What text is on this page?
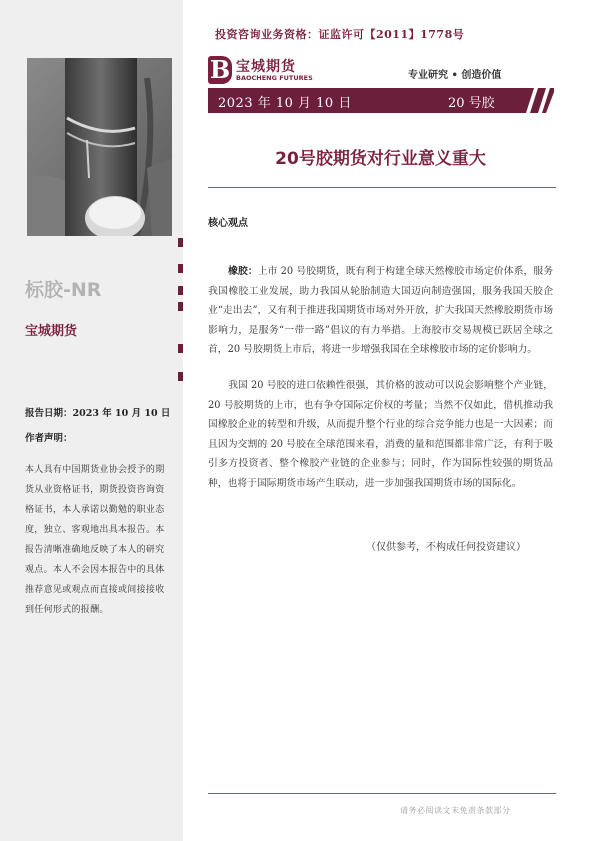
标胶-NR
宝城期货
报告日期：2023 年 10 月 10 日
作者声明：
本人具有中国期货业协会授予的期货从业资格证书，期货投资咨询资格证书，本人承诺以勤勉的职业态度，独立、客观地出具本报告。本报告清晰准确地反映了本人的研究观点。本人不会因本报告中的具体推荐意见或观点而直接或间接接收到任何形式的报酬。
投资咨询业务资格：证监许可【2011】1778号
B 宝城期货
BAOCHENG FUTURES	专业研究 • 创造价值
2023 年 10 月 10 日	20 号胶
20号胶期货对行业意义重大
核心观点

橡胶：上市 20 号胶期货，既有利于构建全球天然橡胶市场定价体系，服务我国橡胶工业发展，助力我国从轮胎制造大国迈向制造强国，服务我国天胶企业“走出去”，又有利于推进我国期货市场对外开放，扩大我国天然橡胶期货市场影响力，是服务“一带一路”倡议的有力举措。上海胶市交易规模已跃居全球之首，20 号胶期货上市后，将进一步增强我国在全球橡胶市场的定价影响力。

我国 20 号胶的进口依赖性很强，其价格的波动可以说会影响整个产业链，20 号胶期货的上市，也有争夺国际定价权的考量；当然不仅如此，借机推动我国橡胶企业的转型和升级，从而提升整个行业的综合竞争能力也是一大因素；而且因为交割的 20 号胶在全球范围来看，消费的量和范围都非常广泛，有利于吸引多方投资者、整个橡胶产业链的企业参与；同时，作为国际性较强的期货品种，也将于国际期货市场产生联动，进一步加强我国期货市场的国际化。

（仅供参考，不构成任何投资建议）
请务必阅读文末免责条款部分
